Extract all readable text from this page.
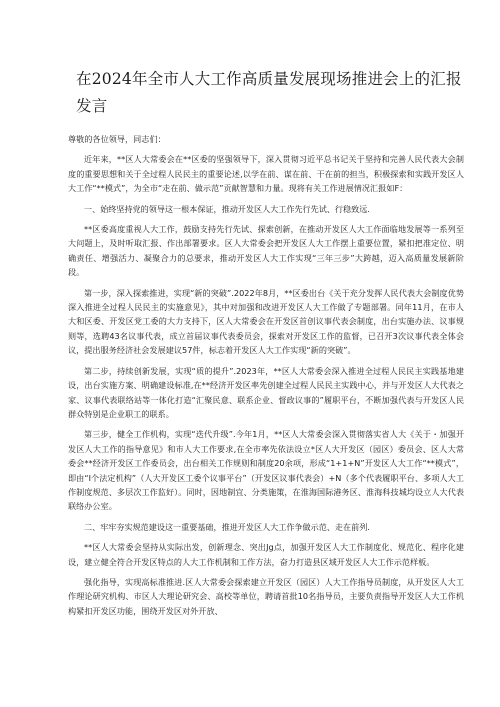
在2024年全市人大工作高质量发展现场推进会上的汇报发言

尊敬的各位领导，同志们：

近年来，**区人大常委会在**区委的坚强领导下，深入贯彻习近平总书记关于坚持和完善人民代表大会制度的重要思想和关于全过程人民民主的重要论述,以学在前、谋在前、干在前的担当，积极探索和实践开发区人大工作“**模式”，为全市“走在前、做示范”贡献智慧和力量。现将有关工作进展情况汇报如F：

一、始终坚持党的领导这一根本保证，推动开发区人大工作先行先试、行稳致远.

**区委高度重视人大工作，鼓励支持先行先试、探索创新，在推动开发区人大工作面临地发展等一系列至大问题上，及时听取汇报、作出部署要求。区人大常委会把开发区人大工作摆上重要位置，紧扣把准定位、明确责任、增强活力、凝聚合力的总要求，推动开发区人大工作实现“三年三步”大跨越，迈入高质量发展新阶段。

第一步，深入探索推进，实现“新的突破”.2022年8月，**区委出台《关于充分发挥人民代表大会制度优势深入推进全过程人民民主的实施意见》，其中对加强和改进开发区人大工作做了专题部署。同年11月，在市人大和区委、开发区党工委的大力支持下，区人大常委会在开发区首创议事代表会制度，出台实施办法、议事规则等，选聘43名议事代表，成立首届议事代表委员会，探索对开发区工作的监督，已召开3次议事代表全体会议，提出服务经济社会发展建议57件，标志着开发区人大工作实现“新的突破”。

第二步，持续创新发展，实现“质的提升”.2023年，**区人大常委会深入推进全过程人民民主实践基地建设，出台实施方案、明确建设标准,在**经济开发区率先创建全过程人民民主实践中心，并与开发区人大代表之家、议事代表联络站等一体化打造“汇聚民意、联系企业、督政议事的”履职平台，不断加强代表与开发区人民群众特别是企业职工的联系。

第三步，健全工作机构，实现“迭代升级”.今年1月，**区人大常委会深入贯彻落实省人大《关于・加强开发区人大工作的指导意见》和市人大工作要求,在全市率先依法设立*区人大开发区（园区）委员会、区人大常委会**经济开发区工作委员会，出台相关工作规则和制度20余项，形成“1+1+N”开发区人大工作“**模式”，即由“I个法定机构”（人大开发区工委个议事平台”（开发区议事代表会）+N（多个代表履职平台、多项人大工作制度规范、多层次工作监好）。同时，因地制宜、分类施策，在淮海国际港务区、淮海科技城均设立人大代表联络办公室。

二、牢牢夯实规范建设这一重要基础，推进开发区人大工作争做示范、走在前列.

**区人大常委会坚持从实际出发，创新理念、突出Jg点，加强开发区人大工作制度化、规范化、程序化建设，建立健全符合开发区特点的人大工作机制和工作方法，奋力打造县区域开发区人大工作示范样板。

强化指导，实现高标准推进.区人大常委会探索建立开发区（园区）人大工作指导员制度，从开发区人大工作理论研究机构、市区人大理论研究会、高校等单位，聘请首批10名指导员，主要负责指导开发区人大工作机构紧扣开发区功能，围绕开发区对外开放、
